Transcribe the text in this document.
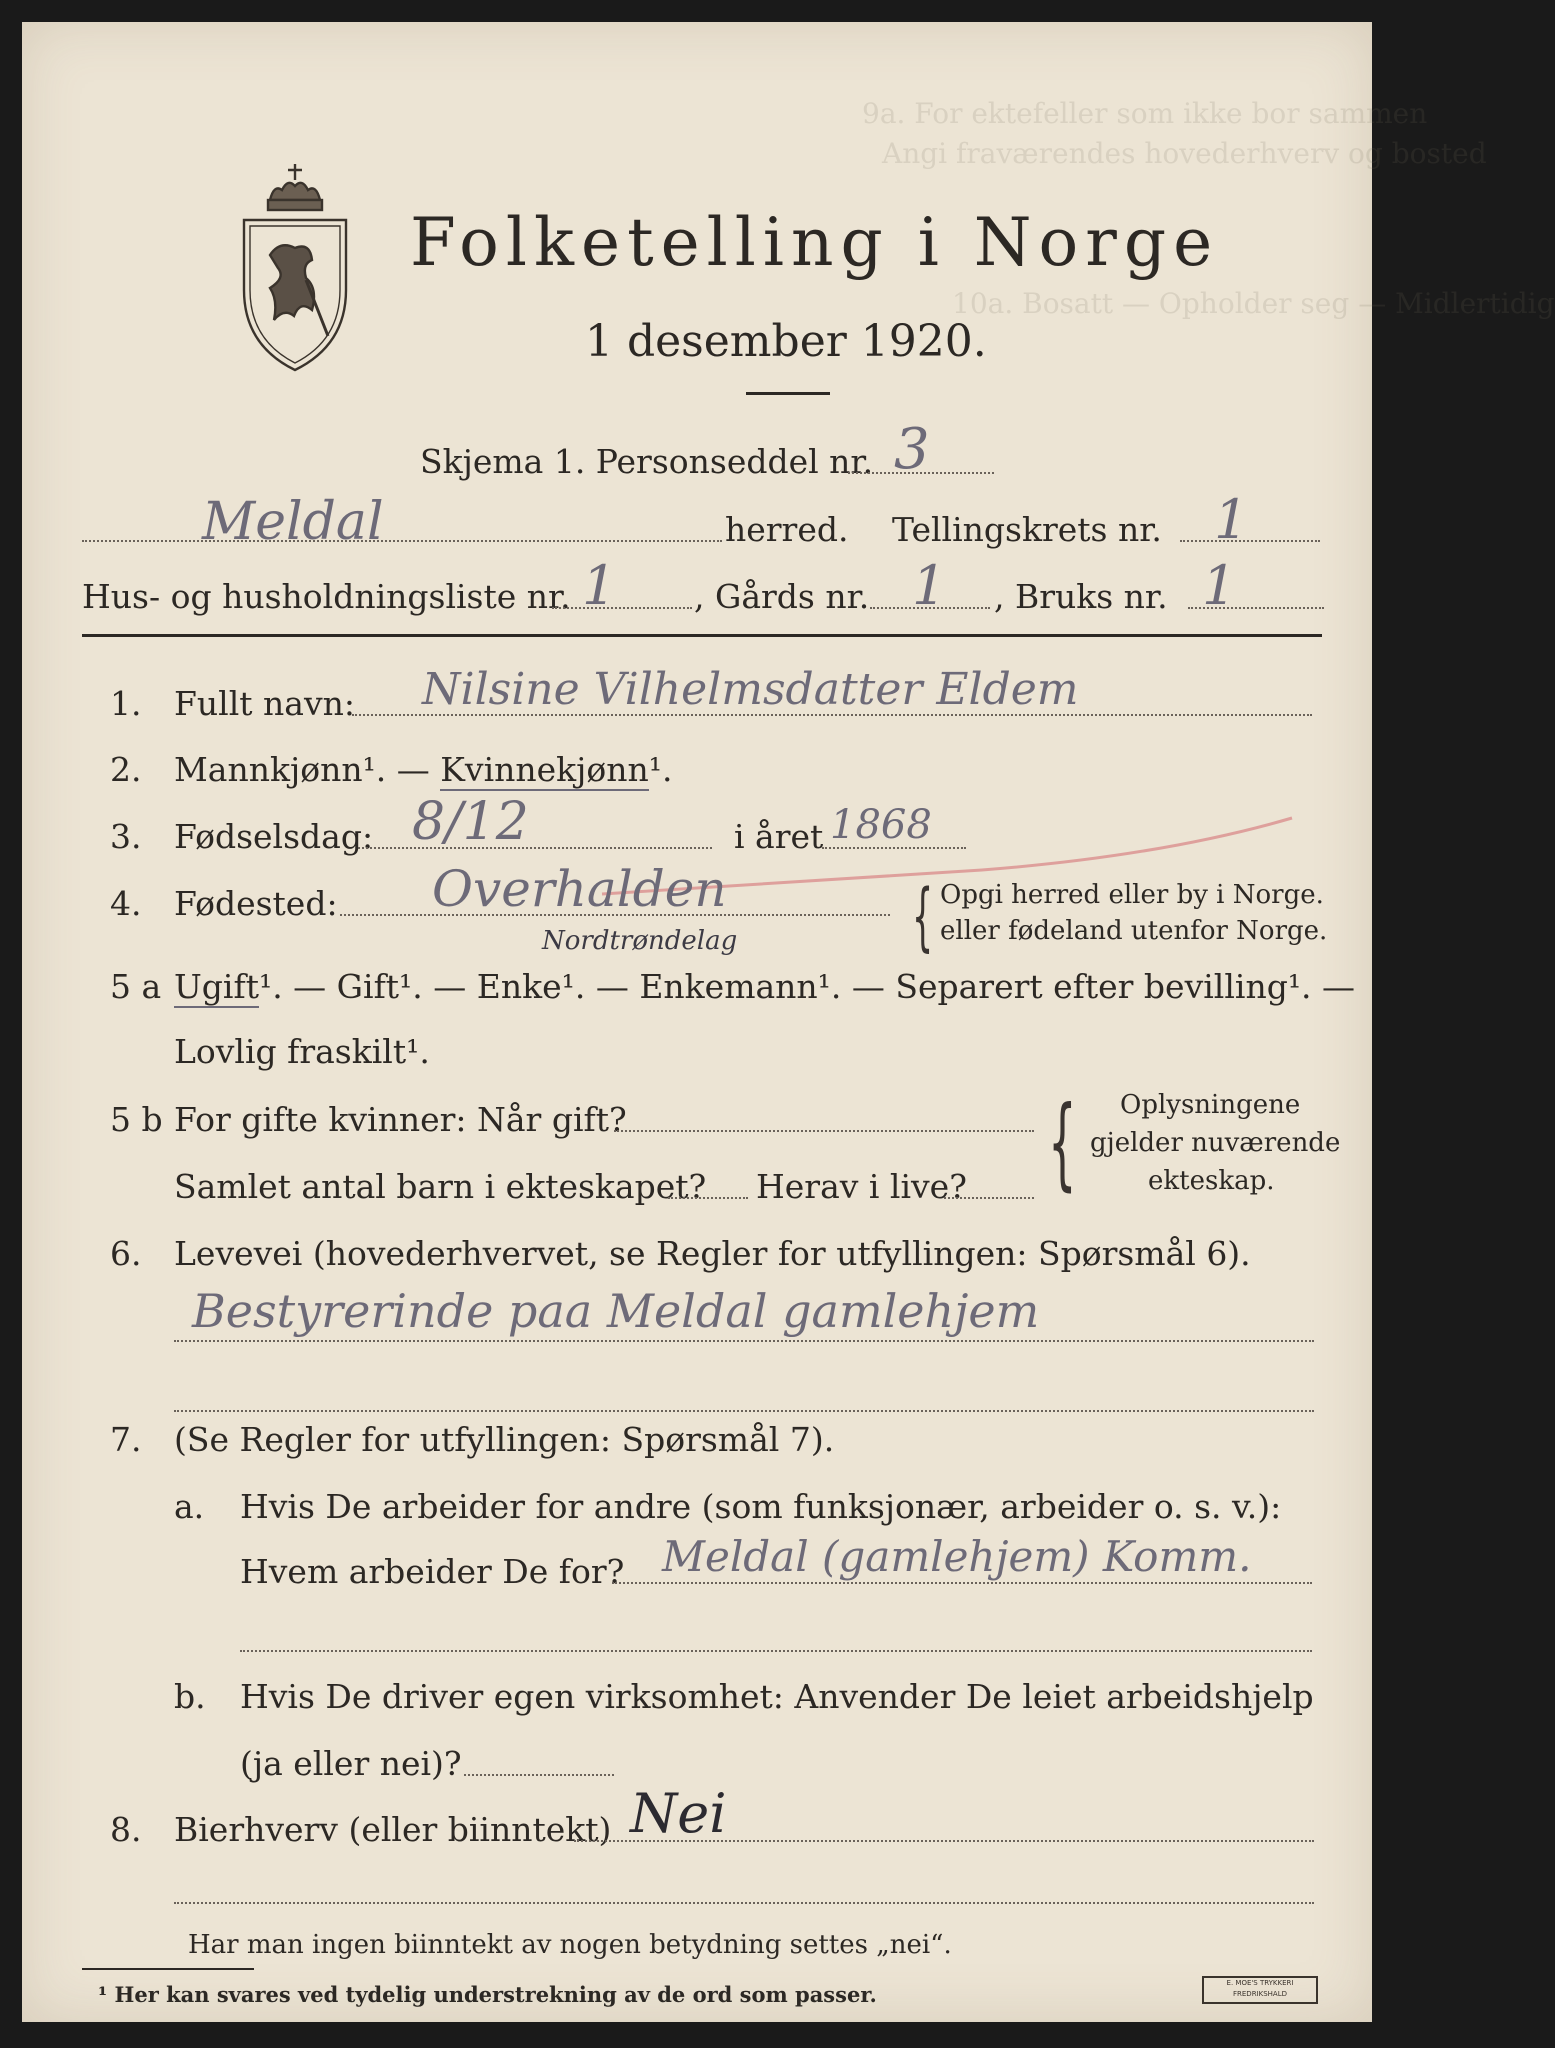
9a. For ektefeller som ikke bor sammen
Angi fraværendes hovederhverv og bosted
10a. Bosatt — Opholder seg — Midlertidig
Folketelling i Norge
1 desember 1920.
Skjema 1. Personseddel nr. 3
Meldal	herred. Tellingskrets nr. 1
Hus- og husholdningsliste nr. 1 , Gårds nr. 1 , Bruks nr. 1
1. Fullt navn: Nilsine Vilhelmsdatter Eldem
2. Mannkjønn¹. — Kvinnekjønn¹.
3. Fødselsdag: 8/12	i året 1868
4. Fødested: Overhalden
Nordtrøndelag { Opgi herred eller by i Norge.
eller fødeland utenfor Norge.
5 a Ugift¹. — Gift¹. — Enke¹. — Enkemann¹. — Separert efter bevilling¹. —
Lovlig fraskilt¹.
5 b For gifte kvinner: Når gift?
Samlet antal barn i ekteskapet? Herav i live? { Oplysningene
gjelder nuværende
ekteskap.
6. Levevei (hovederhvervet, se Regler for utfyllingen: Spørsmål 6).
Bestyrerinde paa Meldal gamlehjem
7. (Se Regler for utfyllingen: Spørsmål 7).
a. Hvis De arbeider for andre (som funksjonær, arbeider o. s. v.):
Hvem arbeider De for? Meldal (gamlehjem) Komm.
b. Hvis De driver egen virksomhet: Anvender De leiet arbeidshjelp
(ja eller nei)?
8. Bierhverv (eller biinntekt) Nei
Har man ingen biinntekt av nogen betydning settes „nei“.
¹ Her kan svares ved tydelig understrekning av de ord som passer.	E. MOE'S TRYKKERI FREDRIKSHALD
